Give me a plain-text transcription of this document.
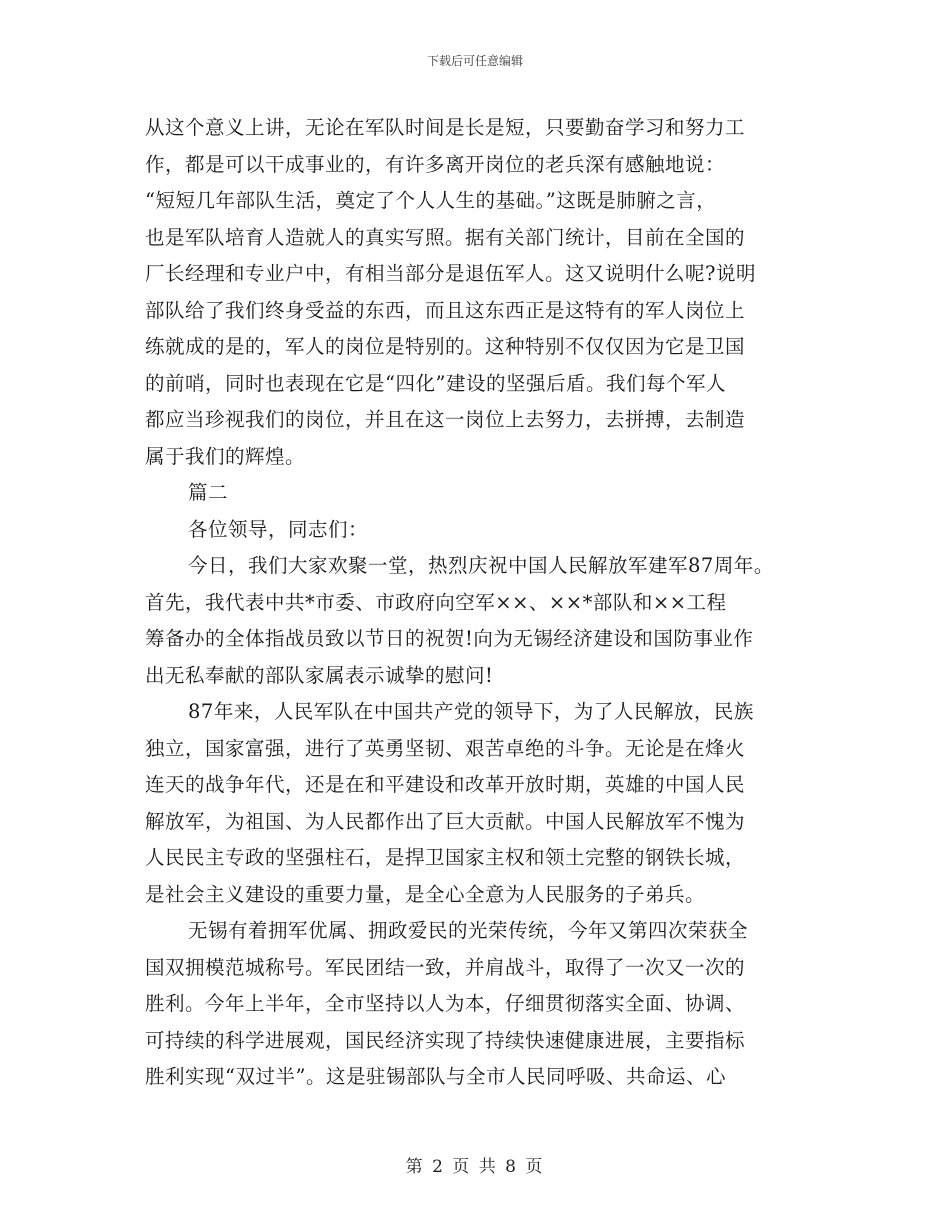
下载后可任意编辑
从这个意义上讲，无论在军队时间是长是短，只要勤奋学习和努力工
作，都是可以干成事业的，有许多离开岗位的老兵深有感触地说：
“短短几年部队生活，奠定了个人人生的基础。”这既是肺腑之言，
也是军队培育人造就人的真实写照。据有关部门统计，目前在全国的
厂长经理和专业户中，有相当部分是退伍军人。这又说明什么呢?说明
部队给了我们终身受益的东西，而且这东西正是这特有的军人岗位上
练就成的是的，军人的岗位是特别的。这种特别不仅仅因为它是卫国
的前哨，同时也表现在它是“四化”建设的坚强后盾。我们每个军人
都应当珍视我们的岗位，并且在这一岗位上去努力，去拼搏，去制造
属于我们的辉煌。
篇二
各位领导，同志们：
今日，我们大家欢聚一堂，热烈庆祝中国人民解放军建军87周年。
首先，我代表中共*市委、市政府向空军××、××*部队和××工程
筹备办的全体指战员致以节日的祝贺!向为无锡经济建设和国防事业作
出无私奉献的部队家属表示诚挚的慰问!
87年来，人民军队在中国共产党的领导下，为了人民解放，民族
独立，国家富强，进行了英勇坚韧、艰苦卓绝的斗争。无论是在烽火
连天的战争年代，还是在和平建设和改革开放时期，英雄的中国人民
解放军，为祖国、为人民都作出了巨大贡献。中国人民解放军不愧为
人民民主专政的坚强柱石，是捍卫国家主权和领土完整的钢铁长城，
是社会主义建设的重要力量，是全心全意为人民服务的子弟兵。
无锡有着拥军优属、拥政爱民的光荣传统，今年又第四次荣获全
国双拥模范城称号。军民团结一致，并肩战斗，取得了一次又一次的
胜利。今年上半年，全市坚持以人为本，仔细贯彻落实全面、协调、
可持续的科学进展观，国民经济实现了持续快速健康进展，主要指标
胜利实现“双过半”。这是驻锡部队与全市人民同呼吸、共命运、心
第 2 页 共 8 页
